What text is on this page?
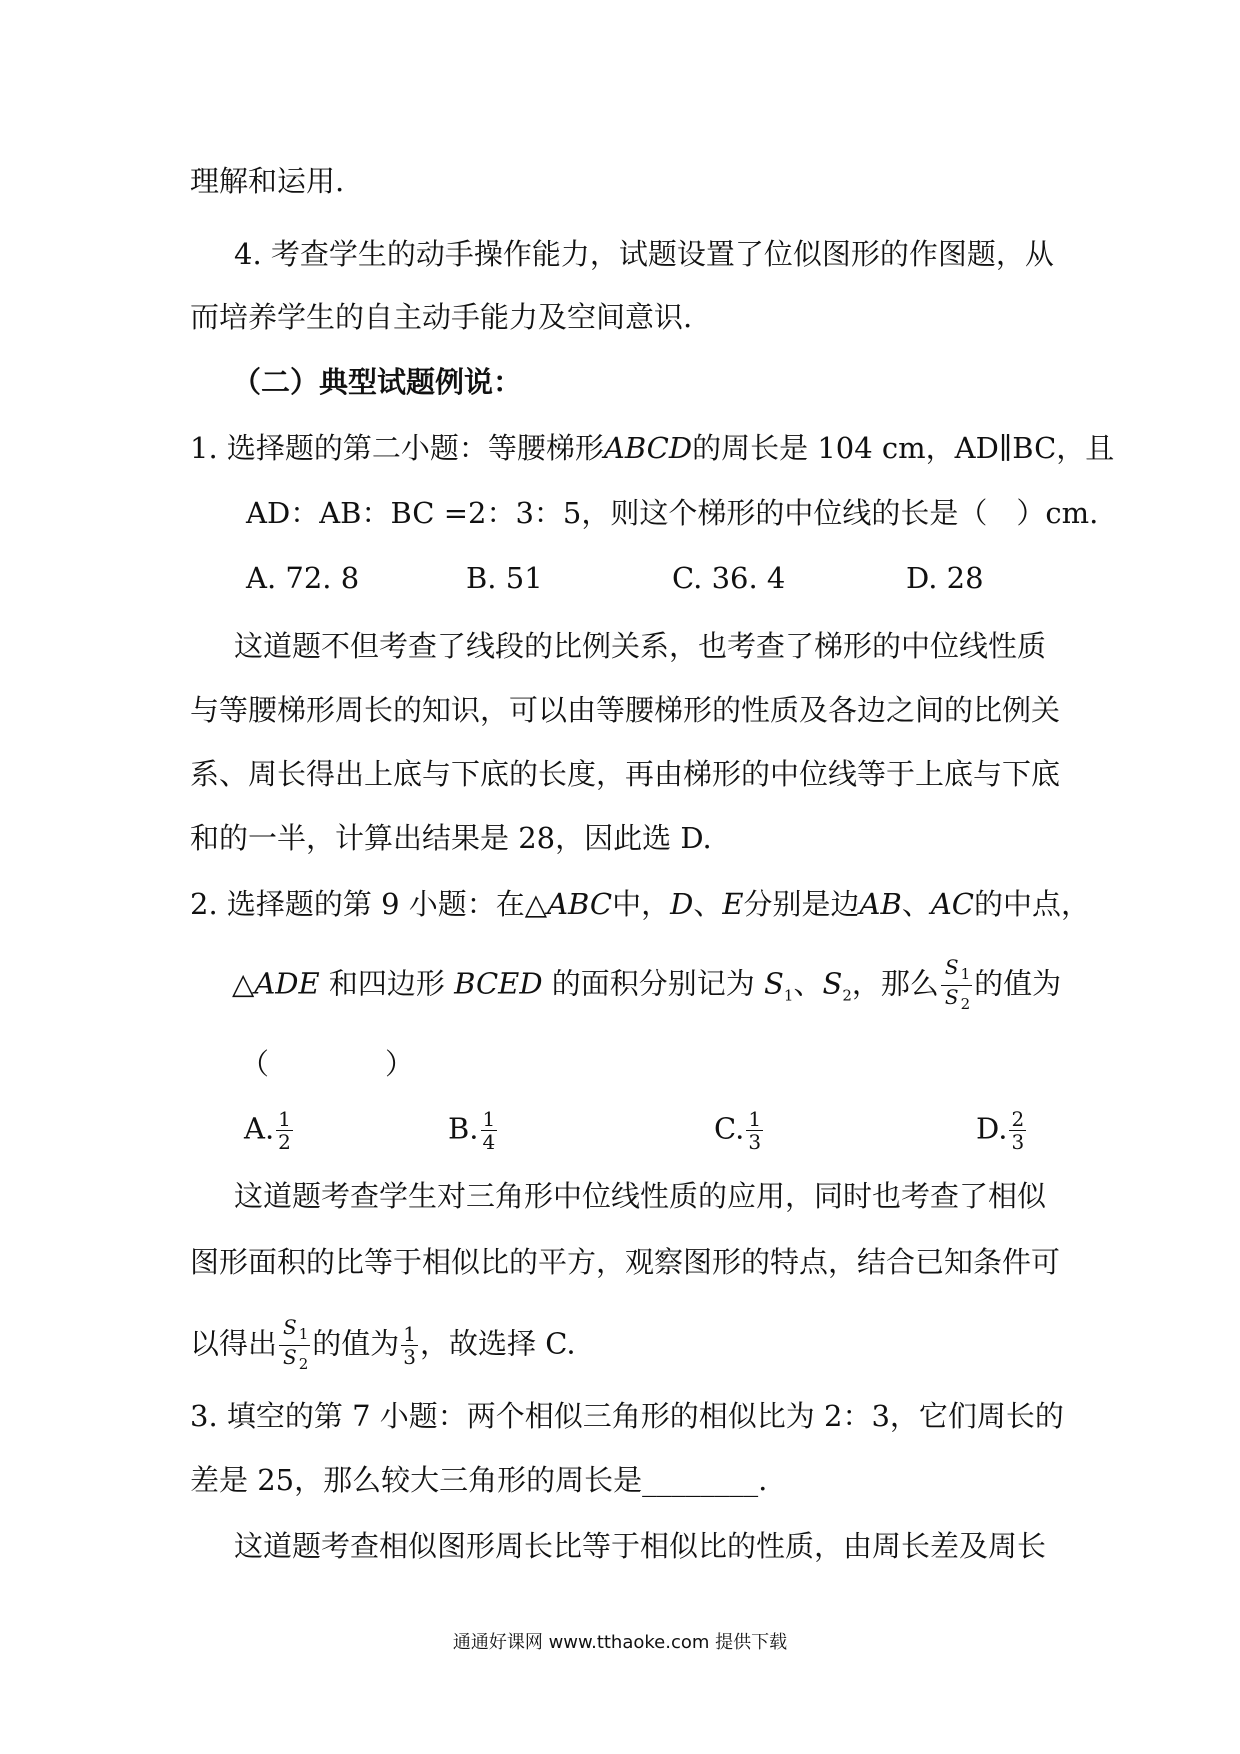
理解和运用.
4. 考查学生的动手操作能力，试题设置了位似图形的作图题，从
而培养学生的自主动手能力及空间意识.
（二）典型试题例说：
1. 选择题的第二小题：等腰梯形ABCD的周长是 104 cm，AD∥BC，且
AD：AB：BC =2：3：5，则这个梯形的中位线的长是（　）cm.
A. 72. 8	B. 51	C. 36. 4	D. 28
这道题不但考查了线段的比例关系，也考查了梯形的中位线性质
与等腰梯形周长的知识，可以由等腰梯形的性质及各边之间的比例关
系、周长得出上底与下底的长度，再由梯形的中位线等于上底与下底
和的一半，计算出结果是 28，因此选 D.
2. 选择题的第 9 小题：在△ABC中，D、E分别是边AB、AC的中点，
△ADE 和四边形 BCED 的面积分别记为 $S_1$、$S_2$，那么 $\frac{S _1}{S _2}$ 的值为
（　　　　）
A. $\frac{1}{2}$	B. $\frac{1}{4}$	C. $\frac{1}{3}$	D. $\frac{2}{3}$
这道题考查学生对三角形中位线性质的应用，同时也考查了相似
图形面积的比等于相似比的平方，观察图形的特点，结合已知条件可
以得出 $\frac{S _1}{S _2}$ 的值为 $\frac{1}{3}$ ，故选择 C.
3. 填空的第 7 小题：两个相似三角形的相似比为 2：3，它们周长的
差是 25，那么较大三角形的周长是________.
这道题考查相似图形周长比等于相似比的性质，由周长差及周长
通通好课网 www.tthaoke.com 提供下载
